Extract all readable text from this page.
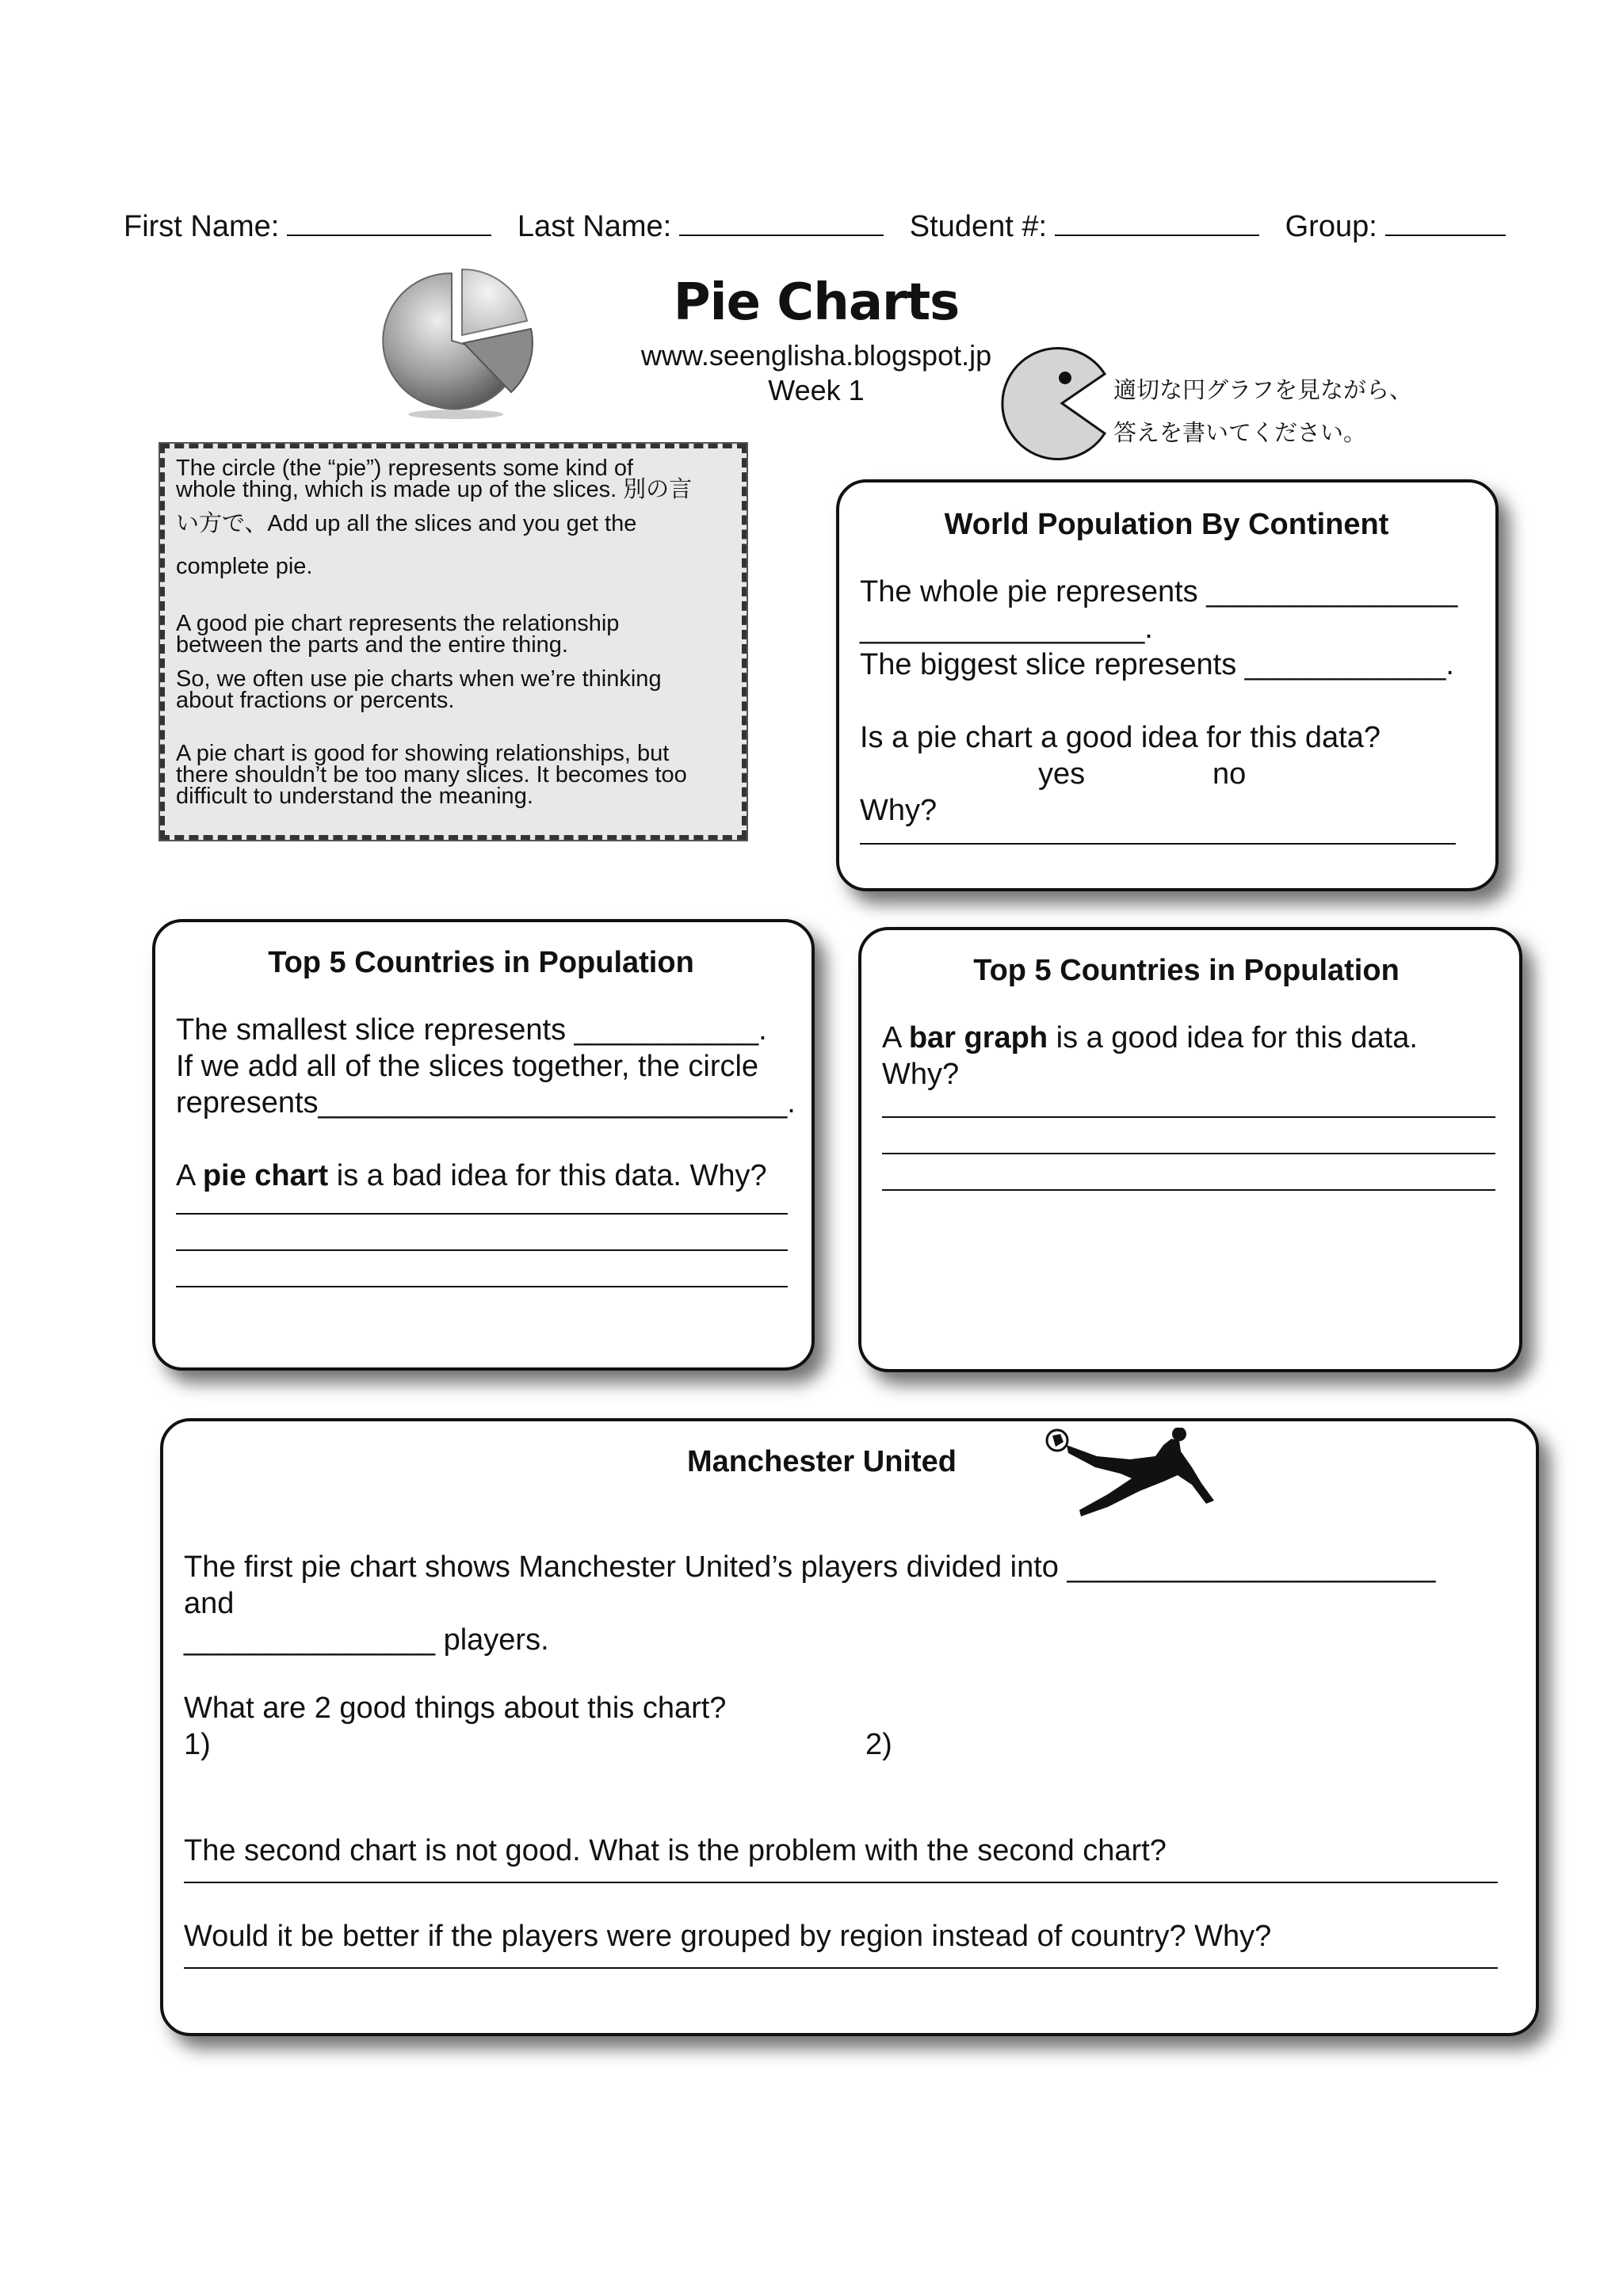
First Name:	Last Name:	Student #:	Group:
Pie Charts
www.seenglisha.blogspot.jp
Week 1	適切な円グラフを見ながら、
答えを書いてください。

The circle (the “pie”) represents some kind of
whole thing, which is made up of the slices. 別の言
い方で、Add up all the slices and you get the
complete pie.

A good pie chart represents the relationship
between the parts and the entire thing.

So, we often use pie charts when we’re thinking
about fractions or percents.

A pie chart is good for showing relationships, but
there shouldn’t be too many slices. It becomes too
difficult to understand the meaning.

World Population By Continent
The whole pie represents _______________
_________________.
The biggest slice represents ____________.
Is a pie chart a good idea for this data?
yes	no
Why?
Top 5 Countries in Population
The smallest slice represents ___________.
If we add all of the slices together, the circle
represents____________________________.
A pie chart is a bad idea for this data. Why?
Top 5 Countries in Population
A bar graph is a good idea for this data.
Why?
Manchester United
The first pie chart shows Manchester United’s players divided into ______________________ and
_______________ players.
What are 2 good things about this chart?
1)	2)
The second chart is not good. What is the problem with the second chart?
Would it be better if the players were grouped by region instead of country? Why?
